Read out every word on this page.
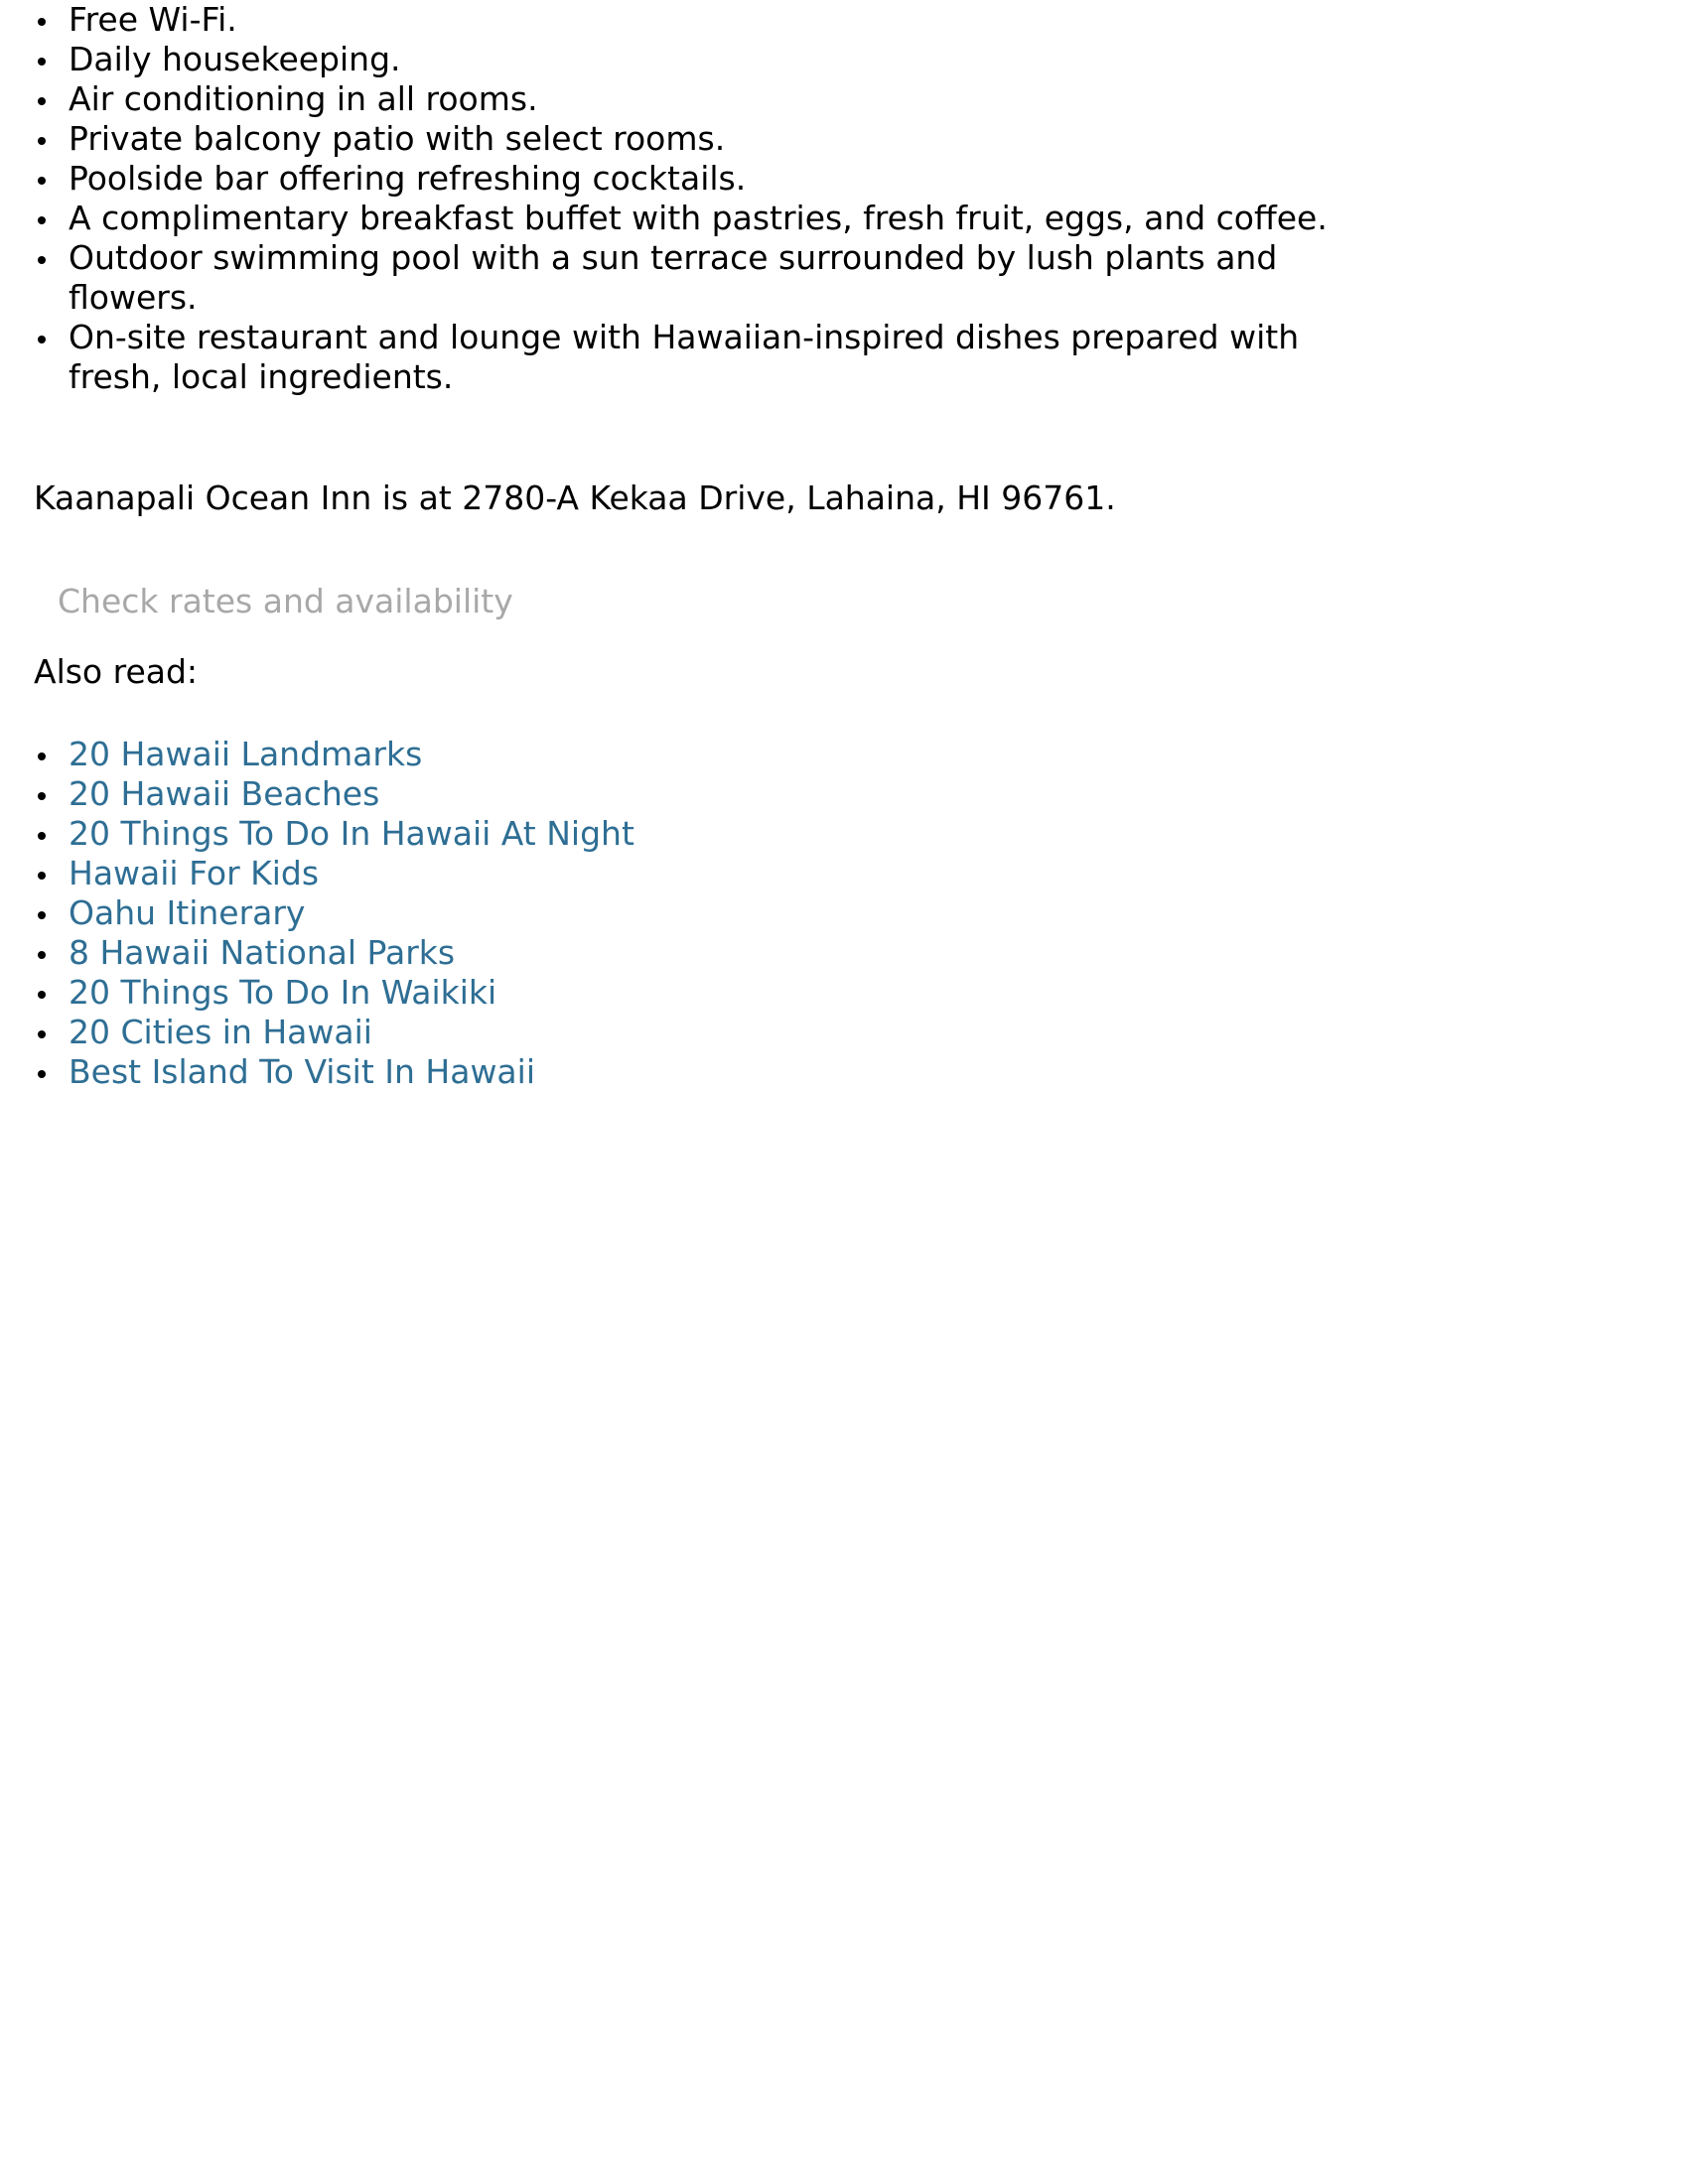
Free Wi-Fi.
Daily housekeeping.
Air conditioning in all rooms.
Private balcony patio with select rooms.
Poolside bar offering refreshing cocktails.
A complimentary breakfast buffet with pastries, fresh fruit, eggs, and coffee.
Outdoor swimming pool with a sun terrace surrounded by lush plants and flowers.
On-site restaurant and lounge with Hawaiian-inspired dishes prepared with fresh, local ingredients.

Kaanapali Ocean Inn is at 2780-A Kekaa Drive, Lahaina, HI 96761.

Check rates and availability
Also read:
20 Hawaii Landmarks
20 Hawaii Beaches
20 Things To Do In Hawaii At Night
Hawaii For Kids
Oahu Itinerary
8 Hawaii National Parks
20 Things To Do In Waikiki
20 Cities in Hawaii
Best Island To Visit In Hawaii
